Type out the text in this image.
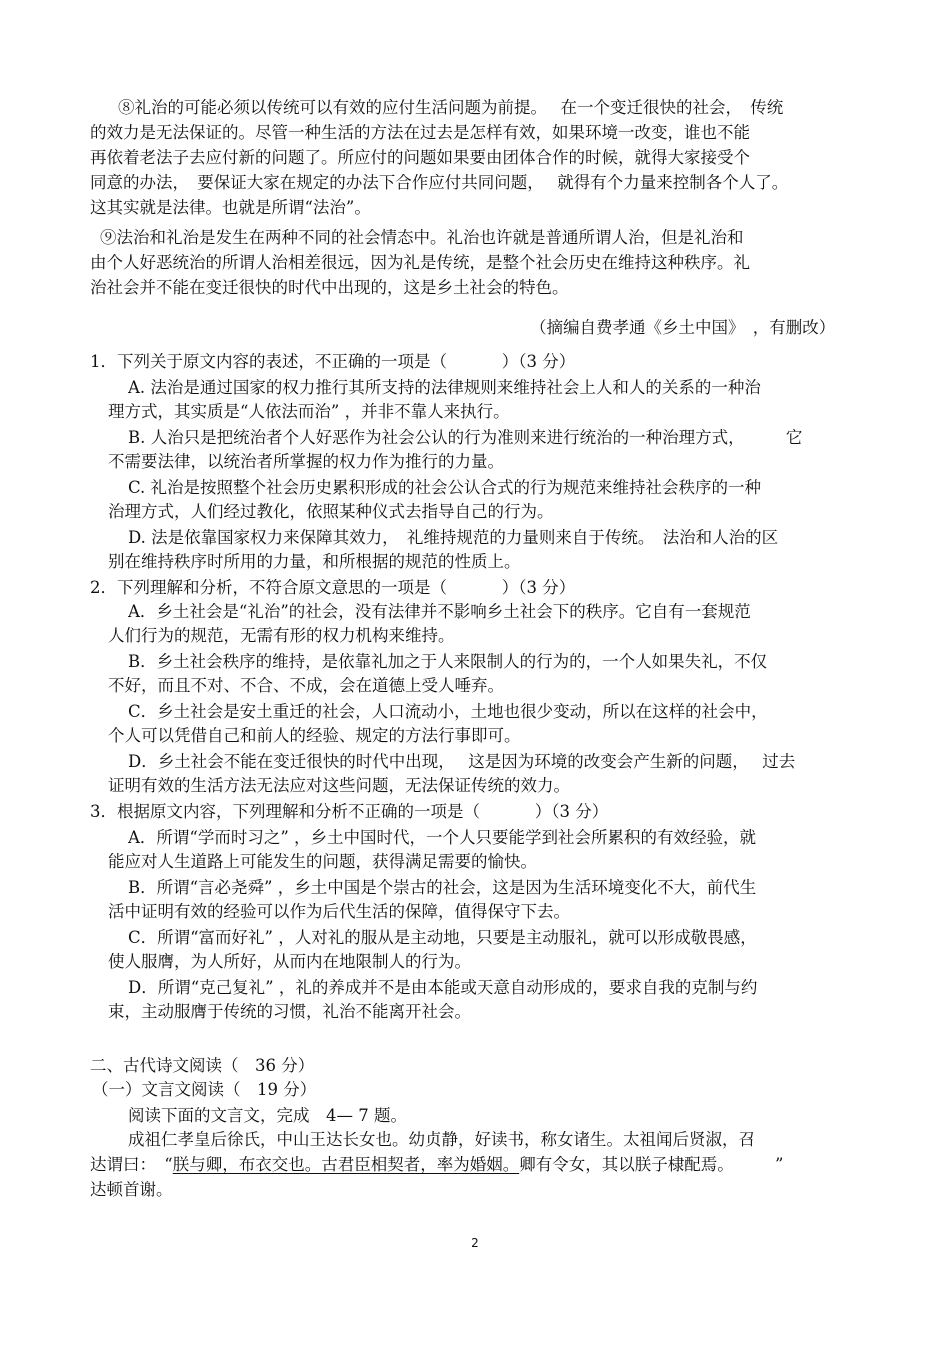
⑧礼治的可能必须以传统可以有效的应付生活问题为前提。　 在一个变迁很快的社会，　传统
的效力是无法保证的。尽管一种生活的方法在过去是怎样有效，如果环境一改变，谁也不能
再依着老法子去应付新的问题了。所应付的问题如果要由团体合作的时候，就得大家接受个
同意的办法，　要保证大家在规定的办法下合作应付共同问题，　 就得有个力量来控制各个人了。
这其实就是法律。也就是所谓“法治”。
⑨法治和礼治是发生在两种不同的社会情态中。礼治也许就是普通所谓人治，但是礼治和
由个人好恶统治的所谓人治相差很远，因为礼是传统，是整个社会历史在维持这种秩序。礼
治社会并不能在变迁很快的时代中出现的，这是乡土社会的特色。
（摘编自费孝通《乡土中国》　，有删改）
1．下列关于原文内容的表述，不正确的一项是（　　　 ）（3 分）
A. 法治是通过国家的权力推行其所支持的法律规则来维持社会上人和人的关系的一种治
理方式，其实质是“人依法而治” ，并非不靠人来执行。
B. 人治只是把统治者个人好恶作为社会公认的行为准则来进行统治的一种治理方式，　　　它
不需要法律，以统治者所掌握的权力作为推行的力量。
C. 礼治是按照整个社会历史累积形成的社会公认合式的行为规范来维持社会秩序的一种
治理方式，人们经过教化，依照某种仪式去指导自己的行为。
D. 法是依靠国家权力来保障其效力，　礼维持规范的力量则来自于传统。　法治和人治的区
别在维持秩序时所用的力量，和所根据的规范的性质上。
2．下列理解和分析，不符合原文意思的一项是（　　　 ）（3 分）
A．乡土社会是“礼治”的社会，没有法律并不影响乡土社会下的秩序。它自有一套规范
人们行为的规范，无需有形的权力机构来维持。
B．乡土社会秩序的维持，是依靠礼加之于人来限制人的行为的，一个人如果失礼，不仅
不好，而且不对、不合、不成，会在道德上受人唾弃。
C．乡土社会是安土重迁的社会，人口流动小，土地也很少变动，所以在这样的社会中，
个人可以凭借自己和前人的经验、规定的方法行事即可。
D．乡土社会不能在变迁很快的时代中出现，　 这是因为环境的改变会产生新的问题，　 过去
证明有效的生活方法无法应对这些问题，无法保证传统的效力。
3．根据原文内容，下列理解和分析不正确的一项是（　　　 ）（3 分）
A．所谓“学而时习之” ，乡土中国时代，一个人只要能学到社会所累积的有效经验，就
能应对人生道路上可能发生的问题，获得满足需要的愉快。
B．所谓“言必尧舜” ，乡土中国是个崇古的社会，这是因为生活环境变化不大，前代生
活中证明有效的经验可以作为后代生活的保障，值得保守下去。
C．所谓“富而好礼” ，人对礼的服从是主动地，只要是主动服礼，就可以形成敬畏感，
使人服膺，为人所好，从而内在地限制人的行为。
D．所谓“克己复礼” ，礼的养成并不是由本能或天意自动形成的，要求自我的克制与约
束，主动服膺于传统的习惯，礼治不能离开社会。
二、古代诗文阅读（　36 分）
（一）文言文阅读（　19 分）
阅读下面的文言文，完成　4— 7 题。
成祖仁孝皇后徐氏，中山王达长女也。幼贞静，好读书，称女诸生。太祖闻后贤淑，召
达谓曰：　“朕与卿，布衣交也。古君臣相契者，率为婚姻。卿有令女，其以朕子棣配焉。　　　”
达顿首谢。
2
